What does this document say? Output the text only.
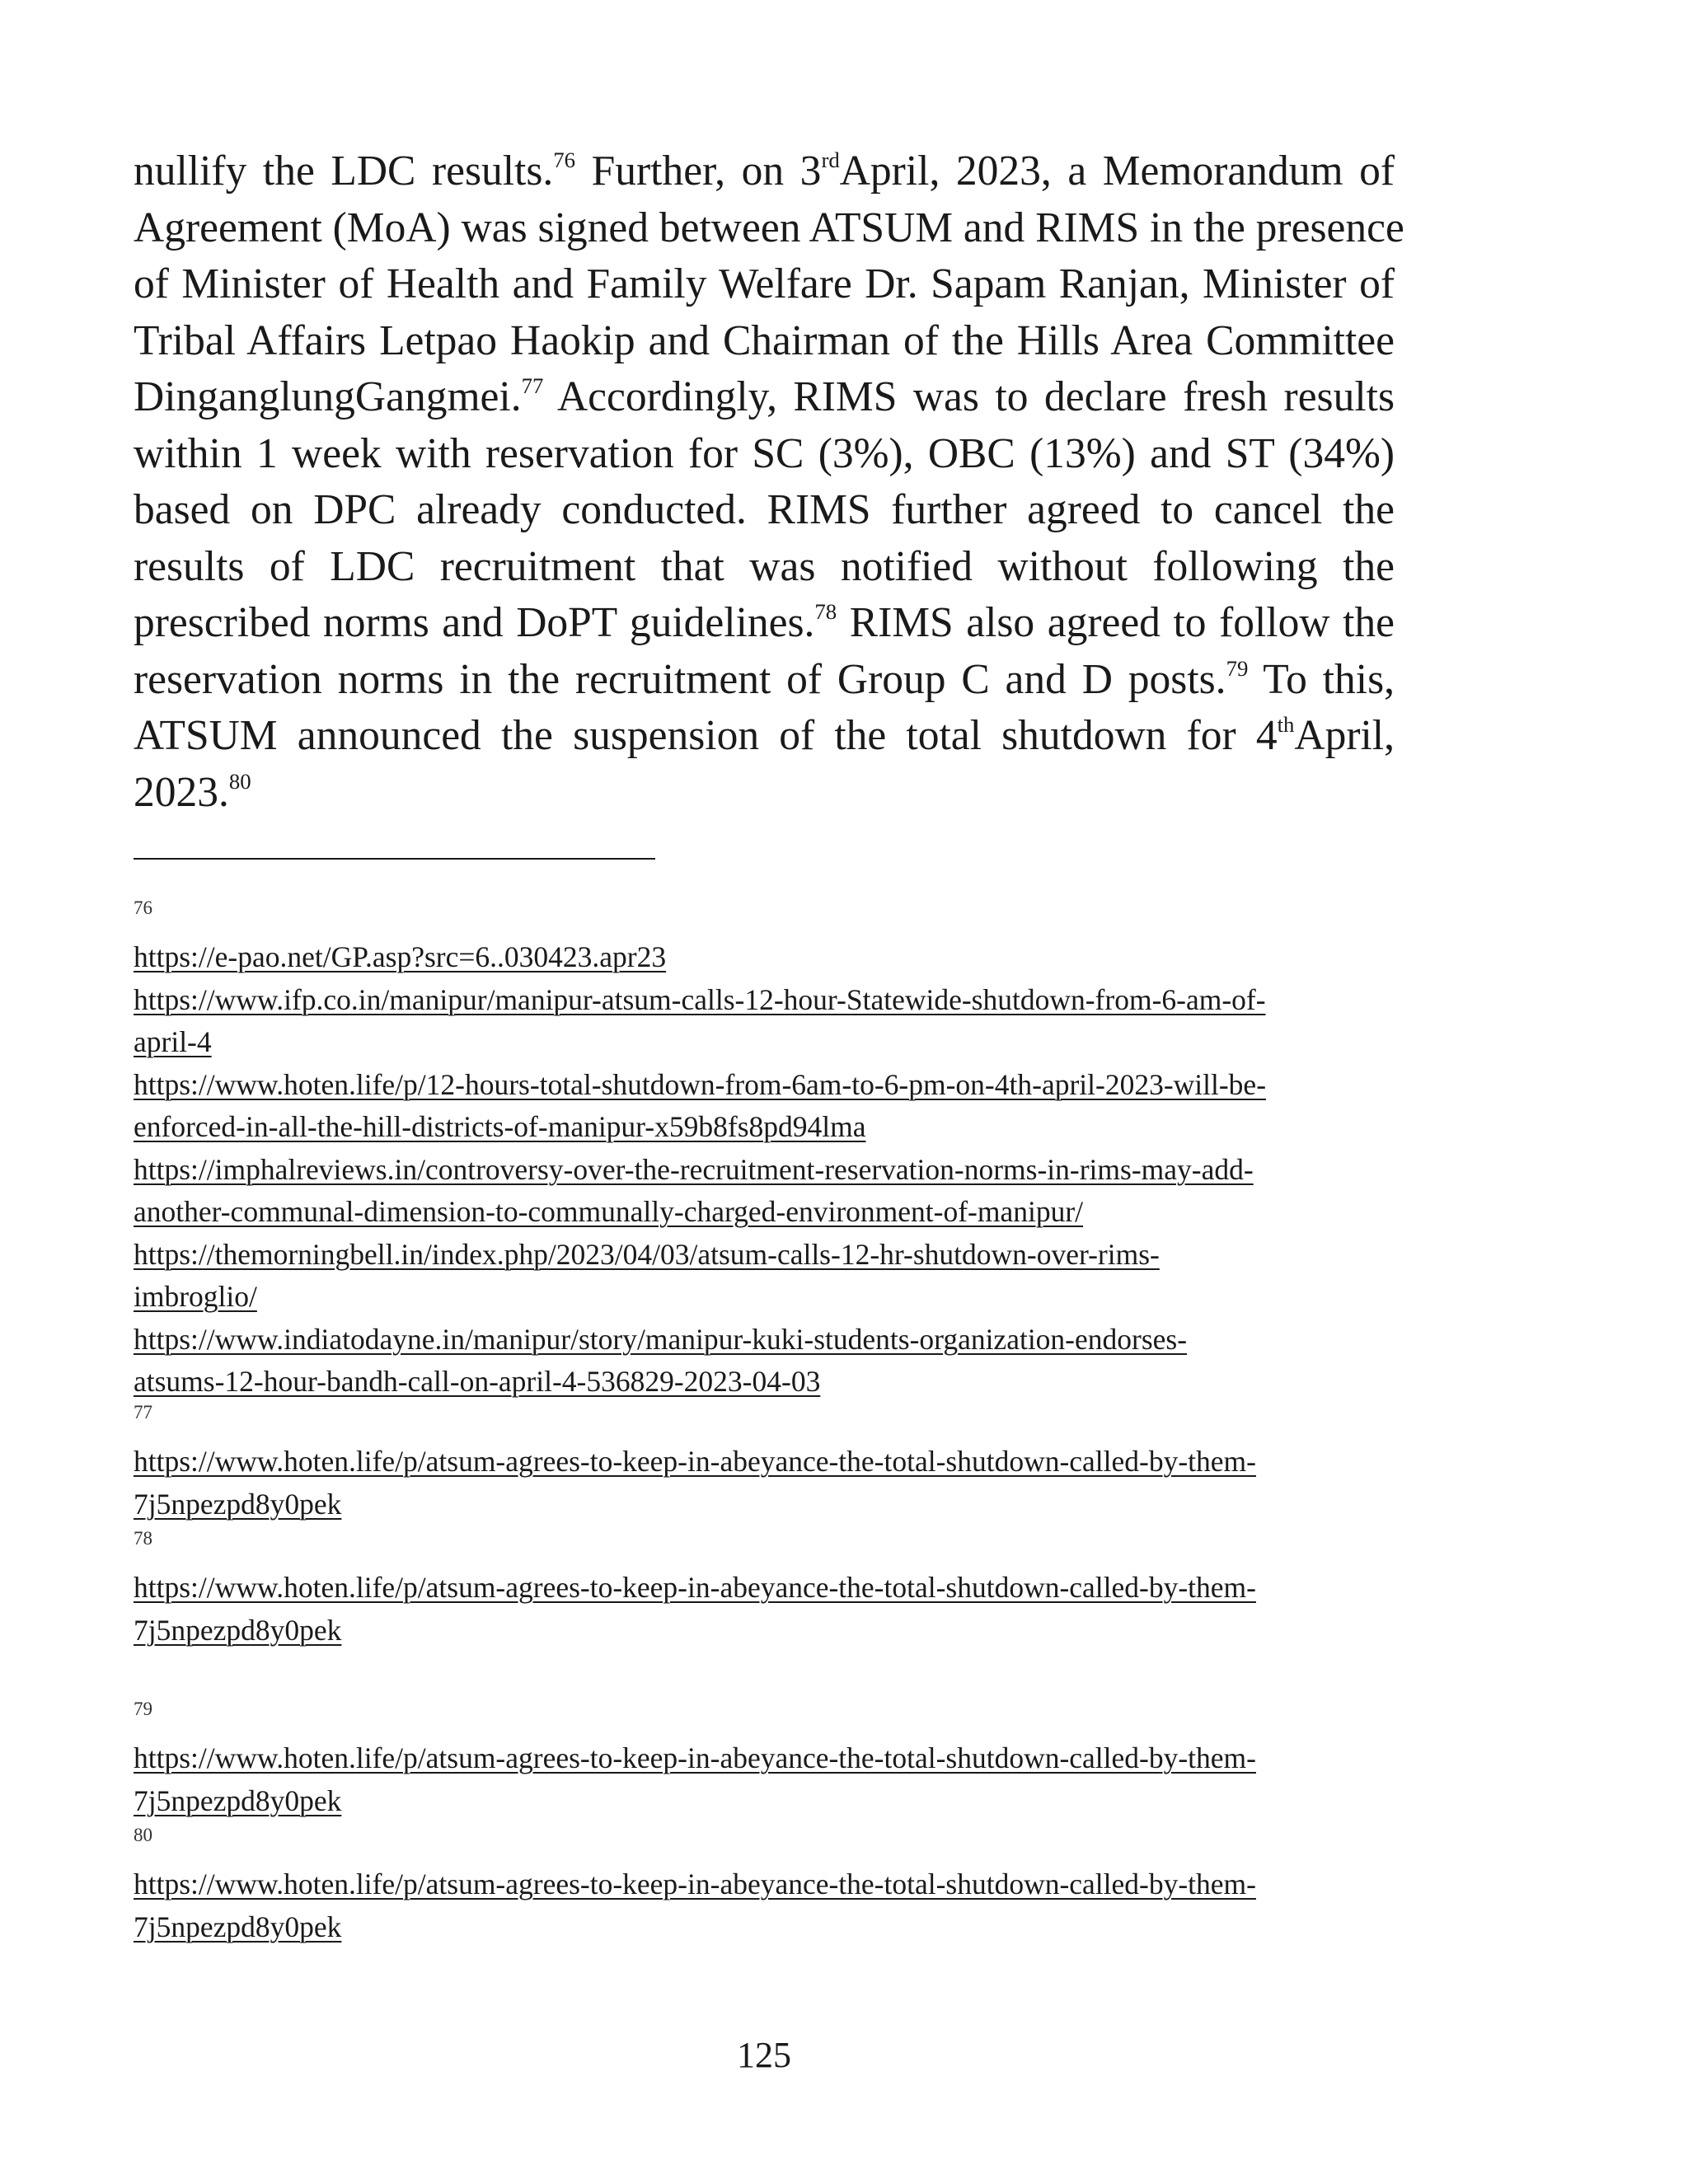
nullify the LDC results.$^{76}$ Further, on 3rdApril, 2023, a Memorandum of
Agreement (MoA) was signed between ATSUM and RIMS in the presence
of Minister of Health and Family Welfare Dr. Sapam Ranjan, Minister of
Tribal Affairs Letpao Haokip and Chairman of the Hills Area Committee
DinganglungGangmei.$^{77}$ Accordingly, RIMS was to declare fresh results
within 1 week with reservation for SC (3%), OBC (13%) and ST (34%)
based on DPC already conducted. RIMS further agreed to cancel the
results of LDC recruitment that was notified without following the
prescribed norms and DoPT guidelines.$^{78}$ RIMS also agreed to follow the
reservation norms in the recruitment of Group C and D posts.$^{79}$ To this,
ATSUM announced the suspension of the total shutdown for 4thApril,
2023.80

76
https://e-pao.net/GP.asp?src=6..030423.apr23
https://www.ifp.co.in/manipur/manipur-atsum-calls-12-hour-Statewide-shutdown-from-6-am-of-
april-4
https://www.hoten.life/p/12-hours-total-shutdown-from-6am-to-6-pm-on-4th-april-2023-will-be-
enforced-in-all-the-hill-districts-of-manipur-x59b8fs8pd94lma
https://imphalreviews.in/controversy-over-the-recruitment-reservation-norms-in-rims-may-add-
another-communal-dimension-to-communally-charged-environment-of-manipur/
https://themorningbell.in/index.php/2023/04/03/atsum-calls-12-hr-shutdown-over-rims-
imbroglio/
https://www.indiatodayne.in/manipur/story/manipur-kuki-students-organization-endorses-
atsums-12-hour-bandh-call-on-april-4-536829-2023-04-03
77
https://www.hoten.life/p/atsum-agrees-to-keep-in-abeyance-the-total-shutdown-called-by-them-
7j5npezpd8y0pek
78
https://www.hoten.life/p/atsum-agrees-to-keep-in-abeyance-the-total-shutdown-called-by-them-
7j5npezpd8y0pek
79
https://www.hoten.life/p/atsum-agrees-to-keep-in-abeyance-the-total-shutdown-called-by-them-
7j5npezpd8y0pek
80
https://www.hoten.life/p/atsum-agrees-to-keep-in-abeyance-the-total-shutdown-called-by-them-
7j5npezpd8y0pek
125
